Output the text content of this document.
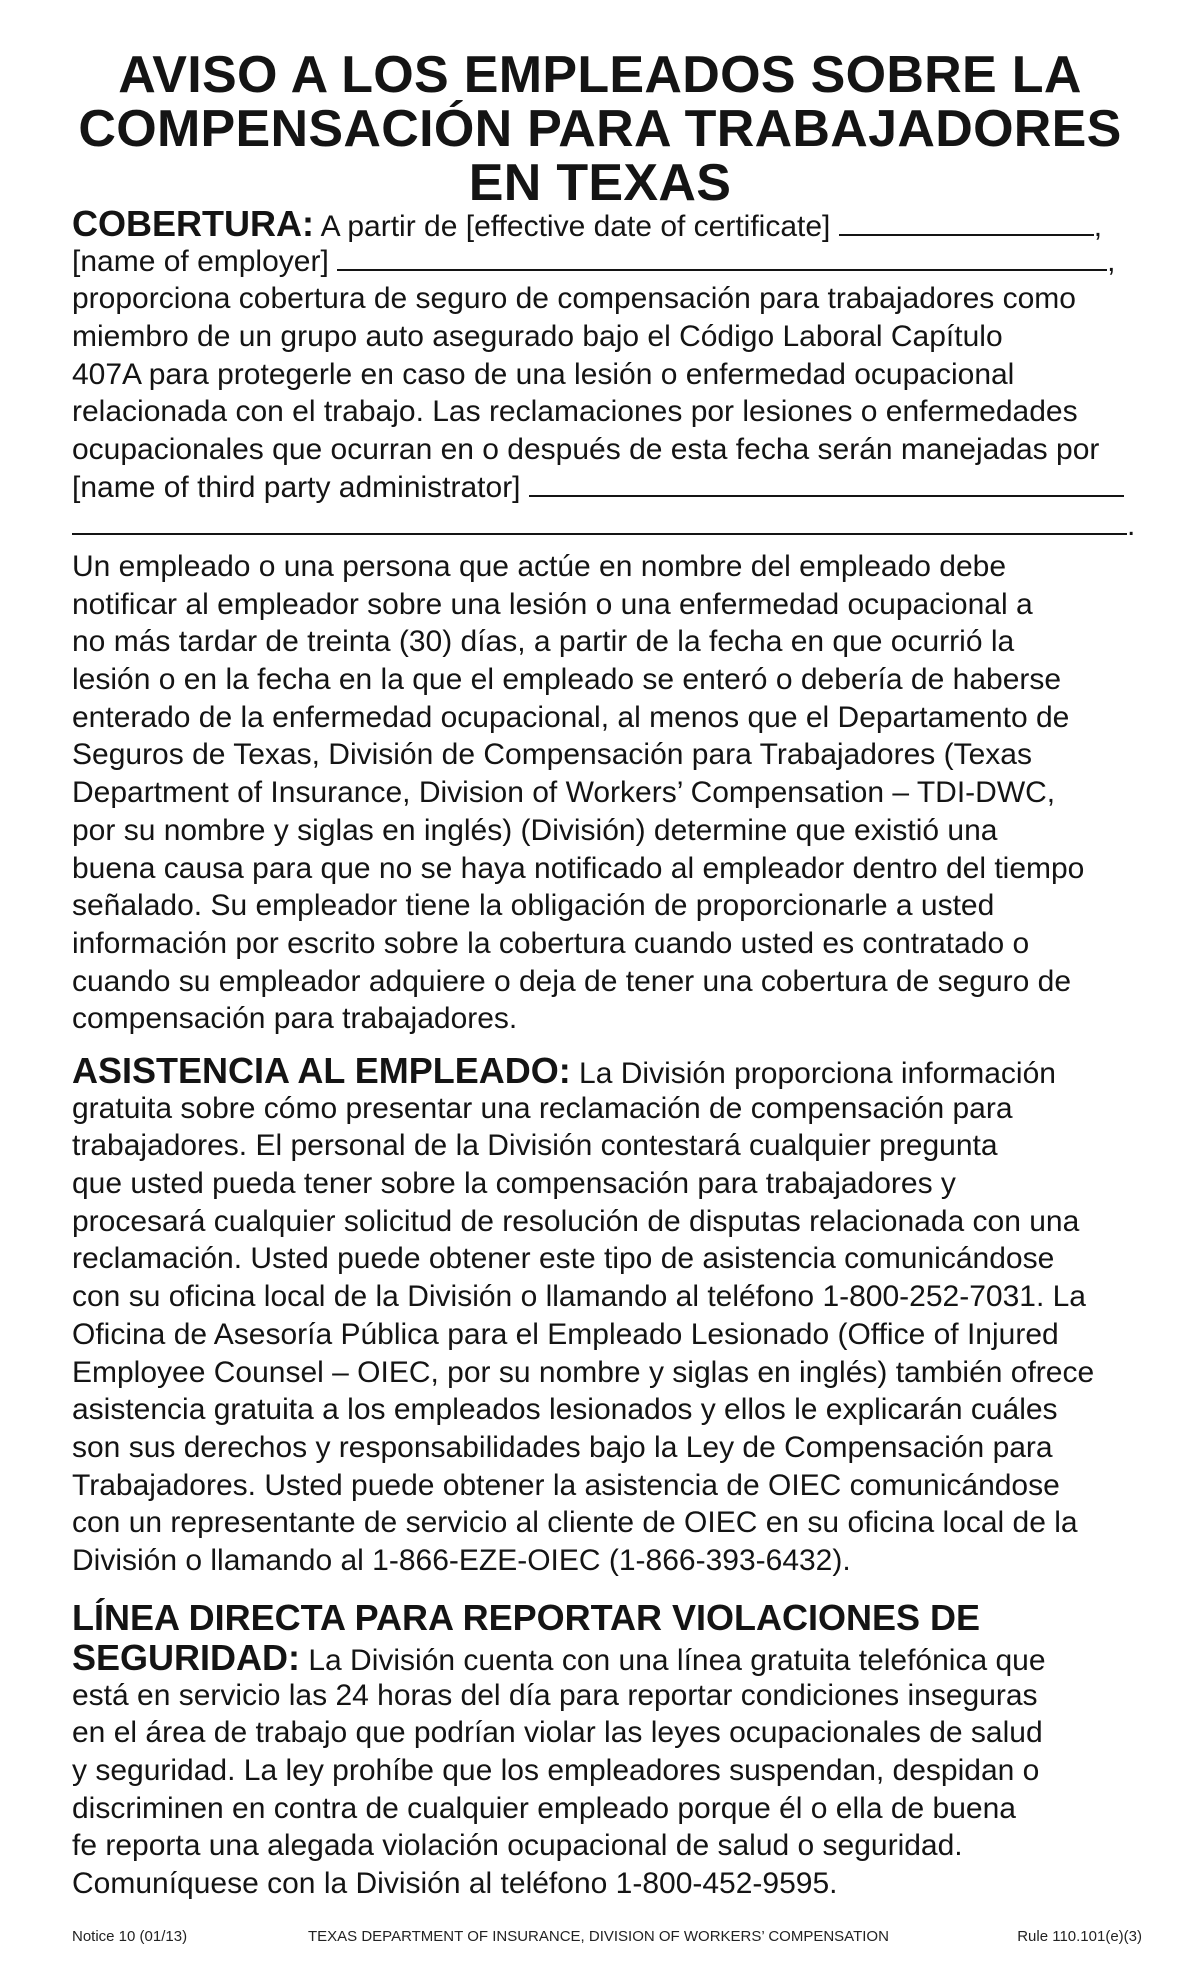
AVISO A LOS EMPLEADOS SOBRE LA
COMPENSACIÓN PARA TRABAJADORES
EN TEXAS
COBERTURA: A partir de [effective date of certificate]	,
[name of employer]	,
proporciona cobertura de seguro de compensación para trabajadores como
miembro de un grupo auto asegurado bajo el Código Laboral Capítulo
407A para protegerle en caso de una lesión o enfermedad ocupacional
relacionada con el trabajo. Las reclamaciones por lesiones o enfermedades
ocupacionales que ocurran en o después de esta fecha serán manejadas por
[name of third party administrator]
.
Un empleado o una persona que actúe en nombre del empleado debe
notificar al empleador sobre una lesión o una enfermedad ocupacional a
no más tardar de treinta (30) días, a partir de la fecha en que ocurrió la
lesión o en la fecha en la que el empleado se enteró o debería de haberse
enterado de la enfermedad ocupacional, al menos que el Departamento de
Seguros de Texas, División de Compensación para Trabajadores (Texas
Department of Insurance, Division of Workers’ Compensation – TDI-DWC,
por su nombre y siglas en inglés) (División) determine que existió una
buena causa para que no se haya notificado al empleador dentro del tiempo
señalado. Su empleador tiene la obligación de proporcionarle a usted
información por escrito sobre la cobertura cuando usted es contratado o
cuando su empleador adquiere o deja de tener una cobertura de seguro de
compensación para trabajadores.
ASISTENCIA AL EMPLEADO: La División proporciona información
gratuita sobre cómo presentar una reclamación de compensación para
trabajadores. El personal de la División contestará cualquier pregunta
que usted pueda tener sobre la compensación para trabajadores y
procesará cualquier solicitud de resolución de disputas relacionada con una
reclamación. Usted puede obtener este tipo de asistencia comunicándose
con su oficina local de la División o llamando al teléfono 1-800-252-7031. La
Oficina de Asesoría Pública para el Empleado Lesionado (Office of Injured
Employee Counsel – OIEC, por su nombre y siglas en inglés) también ofrece
asistencia gratuita a los empleados lesionados y ellos le explicarán cuáles
son sus derechos y responsabilidades bajo la Ley de Compensación para
Trabajadores. Usted puede obtener la asistencia de OIEC comunicándose
con un representante de servicio al cliente de OIEC en su oficina local de la
División o llamando al 1-866-EZE-OIEC (1-866-393-6432).
LÍNEA DIRECTA PARA REPORTAR VIOLACIONES DE
SEGURIDAD: La División cuenta con una línea gratuita telefónica que
está en servicio las 24 horas del día para reportar condiciones inseguras
en el área de trabajo que podrían violar las leyes ocupacionales de salud
y seguridad. La ley prohíbe que los empleadores suspendan, despidan o
discriminen en contra de cualquier empleado porque él o ella de buena
fe reporta una alegada violación ocupacional de salud o seguridad.
Comuníquese con la División al teléfono 1-800-452-9595.
Notice 10 (01/13)	TEXAS DEPARTMENT OF INSURANCE, DIVISION OF WORKERS’ COMPENSATION	Rule 110.101(e)(3)
